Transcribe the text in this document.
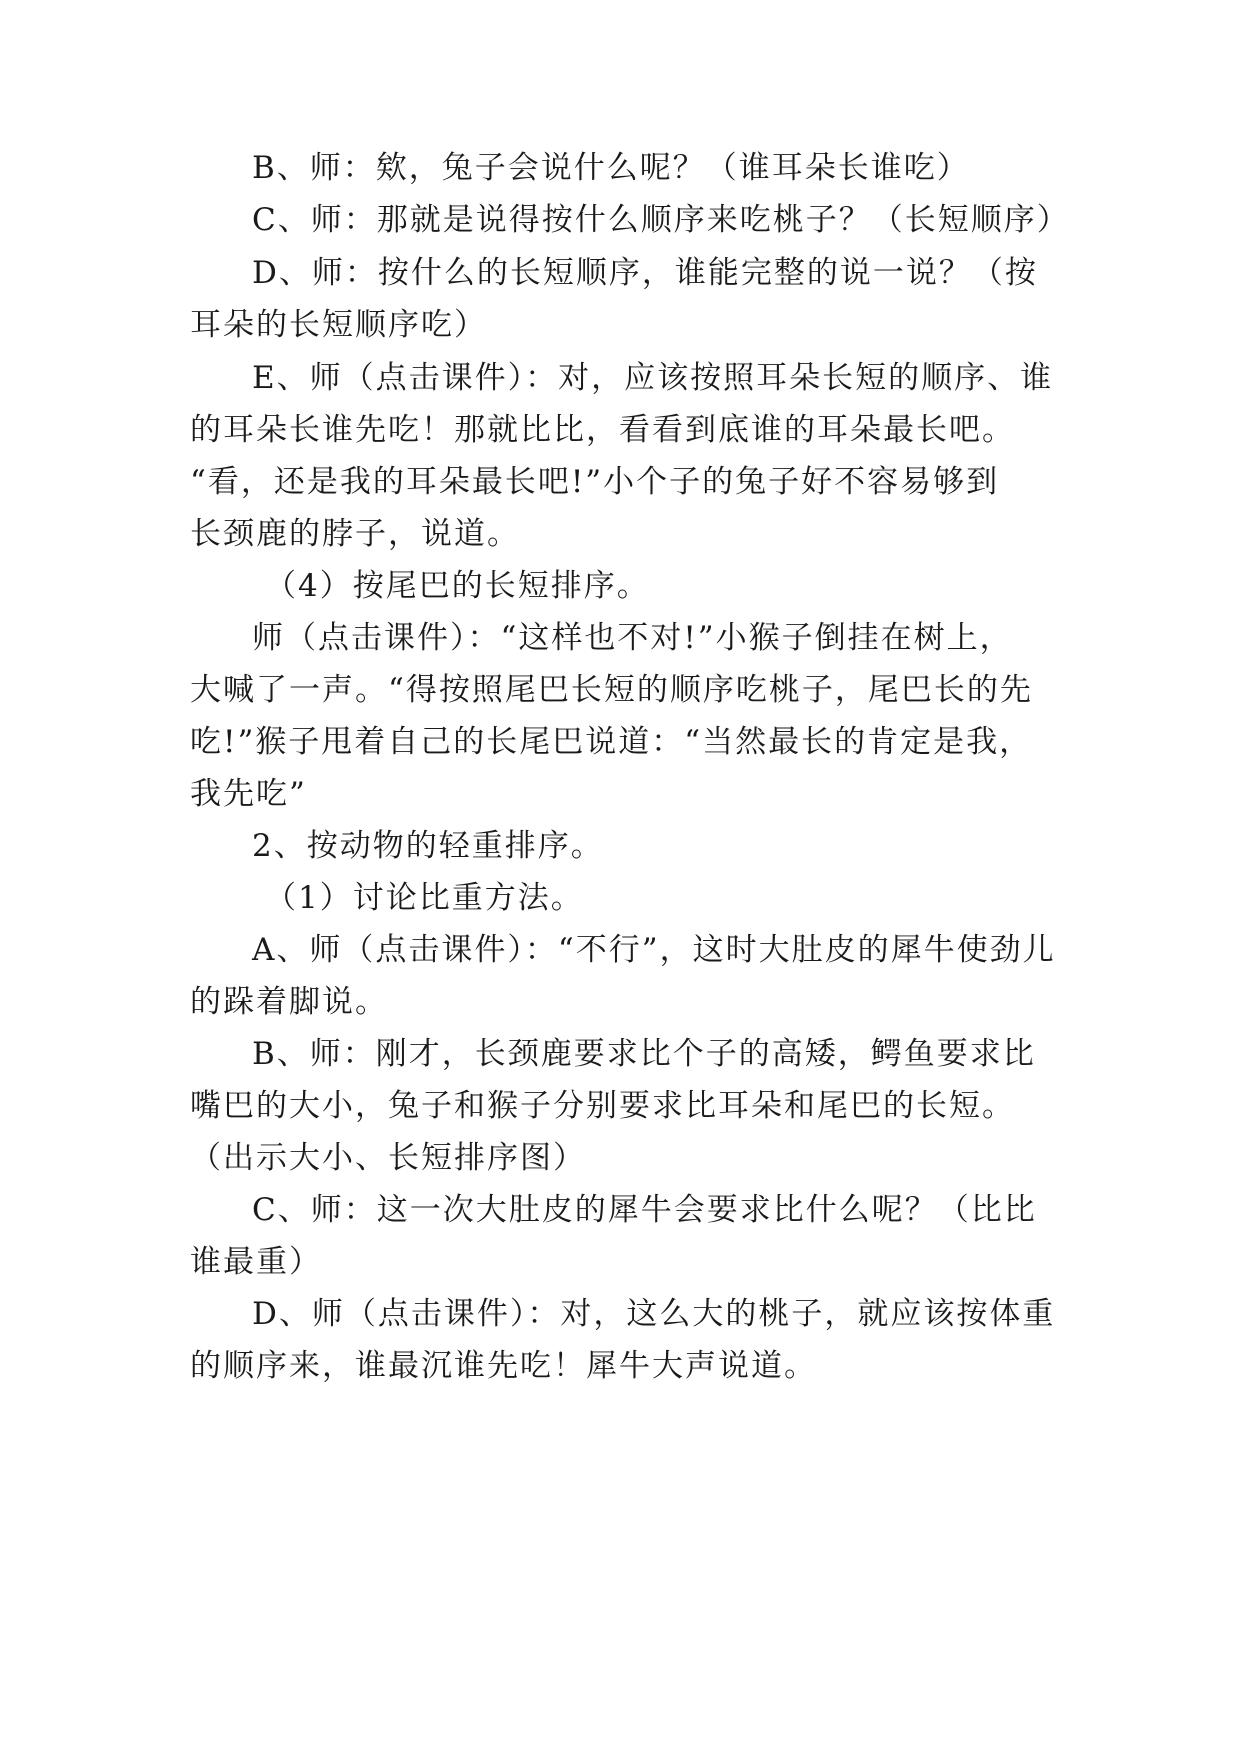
B、师：欸，兔子会说什么呢？（谁耳朵长谁吃）
C、师：那就是说得按什么顺序来吃桃子？（长短顺序）
D、师：按什么的长短顺序，谁能完整的说一说？（按
耳朵的长短顺序吃）
E、师（点击课件）：对，应该按照耳朵长短的顺序、谁
的耳朵长谁先吃！那就比比，看看到底谁的耳朵最长吧。
“看，还是我的耳朵最长吧!”小个子的兔子好不容易够到
长颈鹿的脖子，说道。
（4）按尾巴的长短排序。
师（点击课件）：“这样也不对!”小猴子倒挂在树上，
大喊了一声。“得按照尾巴长短的顺序吃桃子，尾巴长的先
吃!”猴子甩着自己的长尾巴说道：“当然最长的肯定是我，
我先吃”
2、按动物的轻重排序。
（1）讨论比重方法。
A、师（点击课件）：“不行”，这时大肚皮的犀牛使劲儿
的跺着脚说。
B、师：刚才，长颈鹿要求比个子的高矮，鳄鱼要求比
嘴巴的大小，兔子和猴子分别要求比耳朵和尾巴的长短。
（出示大小、长短排序图）
C、师：这一次大肚皮的犀牛会要求比什么呢？（比比
谁最重）
D、师（点击课件）：对，这么大的桃子，就应该按体重
的顺序来，谁最沉谁先吃！犀牛大声说道。
